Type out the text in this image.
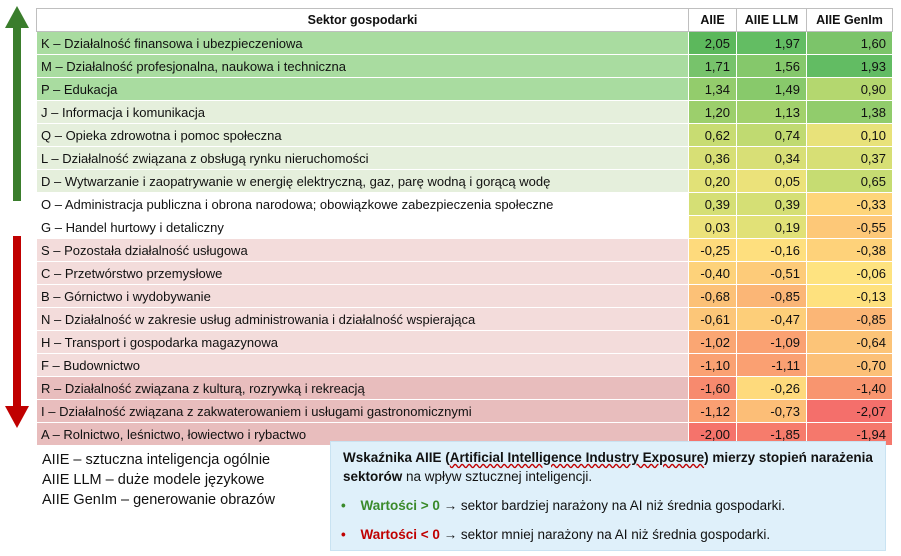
Sektor gospodarki	AIIE	AIIE LLM	AIIE GenIm
K – Działalność finansowa i ubezpieczeniowa	2,05	1,97	1,60
M – Działalność profesjonalna, naukowa i techniczna	1,71	1,56	1,93
P – Edukacja	1,34	1,49	0,90
J – Informacja i komunikacja	1,20	1,13	1,38
Q – Opieka zdrowotna i pomoc społeczna	0,62	0,74	0,10
L – Działalność związana z obsługą rynku nieruchomości	0,36	0,34	0,37
D – Wytwarzanie i zaopatrywanie w energię elektryczną, gaz, parę wodną i gorącą wodę	0,20	0,05	0,65
O – Administracja publiczna i obrona narodowa; obowiązkowe zabezpieczenia społeczne	0,39	0,39	-0,33
G – Handel hurtowy i detaliczny	0,03	0,19	-0,55
S – Pozostała działalność usługowa	-0,25	-0,16	-0,38
C – Przetwórstwo przemysłowe	-0,40	-0,51	-0,06
B – Górnictwo i wydobywanie	-0,68	-0,85	-0,13
N – Działalność w zakresie usług administrowania i działalność wspierająca	-0,61	-0,47	-0,85
H – Transport i gospodarka magazynowa	-1,02	-1,09	-0,64
F – Budownictwo	-1,10	-1,11	-0,70
R – Działalność związana z kulturą, rozrywką i rekreacją	-1,60	-0,26	-1,40
I – Działalność związana z zakwaterowaniem i usługami gastronomicznymi	-1,12	-0,73	-2,07
A – Rolnictwo, leśnictwo, łowiectwo i rybactwo	-2,00	-1,85	-1,94
AIIE – sztuczna inteligencja ogólnie
AIIE LLM – duże modele językowe
AIIE GenIm – generowanie obrazów
Wskaźnika AIIE (Artificial Intelligence Industry Exposure) mierzy stopień narażenia sektorów na wpływ sztucznej inteligencji.
• Wartości > 0 → sektor bardziej narażony na AI niż średnia gospodarki.
• Wartości < 0 → sektor mniej narażony na AI niż średnia gospodarki.
